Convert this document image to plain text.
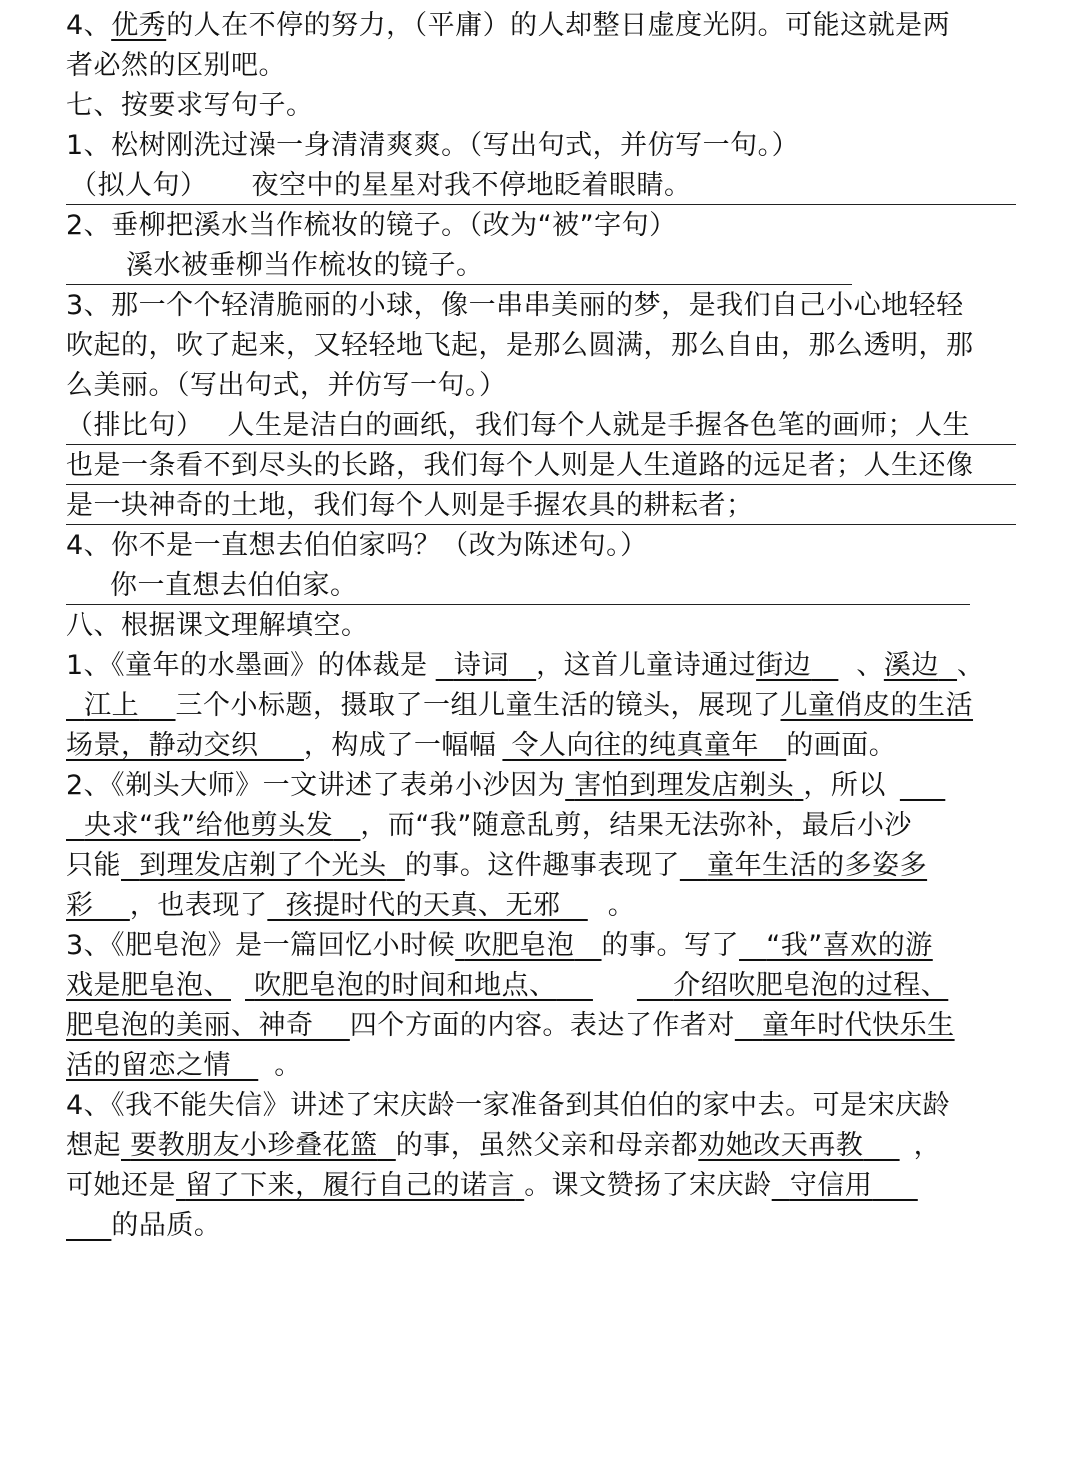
4、优秀的人在不停的努力，（平庸）的人却整日虚度光阴。可能这就是两
者必然的区别吧。
七、按要求写句子。
1、松树刚洗过澡一身清清爽爽。（写出句式，并仿写一句。）
（拟人句） 夜空中的星星对我不停地眨着眼睛。
2、垂柳把溪水当作梳妆的镜子。（改为“被”字句）
溪水被垂柳当作梳妆的镜子。
3、那一个个轻清脆丽的小球，像一串串美丽的梦，是我们自己小心地轻轻
吹起的，吹了起来，又轻轻地飞起，是那么圆满，那么自由，那么透明，那
么美丽。（写出句式，并仿写一句。）
（排比句） 人生是洁白的画纸，我们每个人就是手握各色笔的画师；人生
也是一条看不到尽头的长路，我们每个人则是人生道路的远足者；人生还像
是一块神奇的土地，我们每个人则是手握农具的耕耘者；
4、你不是一直想去伯伯家吗？（改为陈述句。）
你一直想去伯伯家。
八、根据课文理解填空。
1、《童年的水墨画》的体裁是 诗词 ，这首儿童诗通过街边 、溪边 、
江上 三个小标题，摄取了一组儿童生活的镜头，展现了儿童俏皮的生活
场景，静动交织 ，构成了一幅幅 令人向往的纯真童年 的画面。
2、《剃头大师》一文讲述了表弟小沙因为 害怕到理发店剃头 ，所以
央求“我”给他剪头发 ，而“我”随意乱剪，结果无法弥补，最后小沙
只能 到理发店剃了个光头 的事。这件趣事表现了 童年生活的多姿多
彩 ，也表现了 孩提时代的天真、无邪 。
3、《肥皂泡》是一篇回忆小时候 吹肥皂泡 的事。写了 “我”喜欢的游
戏是肥皂泡、 吹肥皂泡的时间和地点、	介绍吹肥皂泡的过程、
肥皂泡的美丽、神奇 四个方面的内容。表达了作者对 童年时代快乐生
活的留恋之情 。
4、《我不能失信》讲述了宋庆龄一家准备到其伯伯的家中去。可是宋庆龄
想起 要教朋友小珍叠花篮 的事，虽然父亲和母亲都劝她改天再教 ，
可她还是 留了下来，履行自己的诺言 。课文赞扬了宋庆龄 守信用
的品质。
